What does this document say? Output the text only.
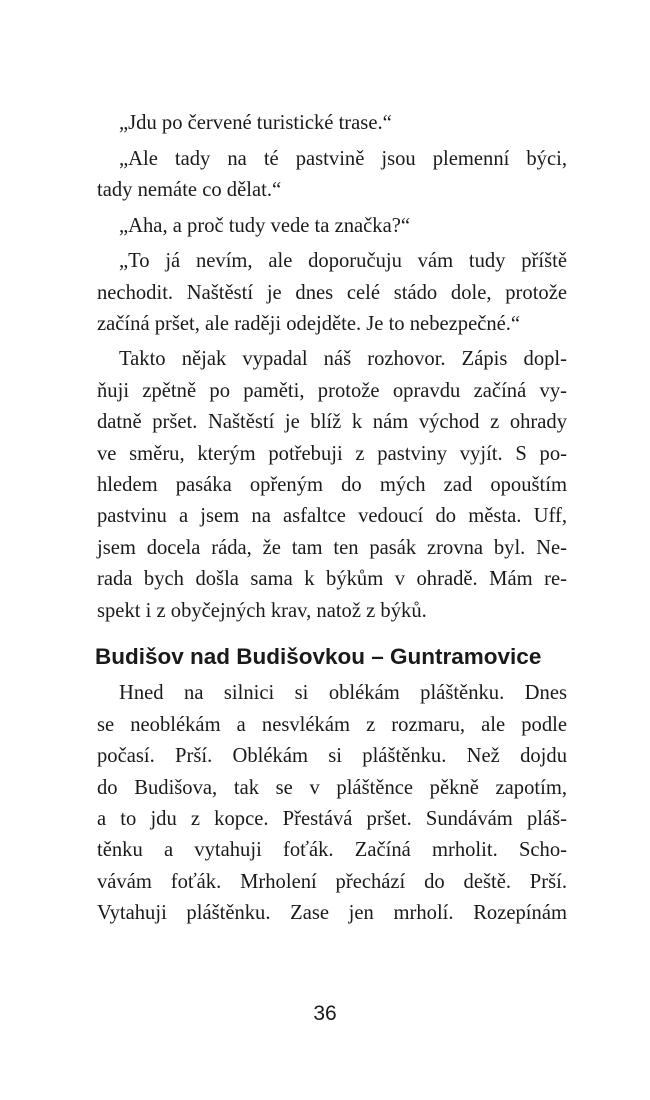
„Jdu po červené turistické trase.“
„Ale tady na té pastvině jsou plemenní býci,
tady nemáte co dělat.“
„Aha, a proč tudy vede ta značka?“
„To já nevím, ale doporučuju vám tudy příště
nechodit. Naštěstí je dnes celé stádo dole, protože
začíná pršet, ale raději odejděte. Je to nebezpečné.“
Takto nějak vypadal náš rozhovor. Zápis dopl-
ňuji zpětně po paměti, protože opravdu začíná vy-
datně pršet. Naštěstí je blíž k nám východ z ohrady
ve směru, kterým potřebuji z pastviny vyjít. S po-
hledem pasáka opřeným do mých zad opouštím
pastvinu a jsem na asfaltce vedoucí do města. Uff,
jsem docela ráda, že tam ten pasák zrovna byl. Ne-
rada bych došla sama k býkům v ohradě. Mám re-
spekt i z obyčejných krav, natož z býků.
Budišov nad Budišovkou – Guntramovice
Hned na silnici si oblékám pláštěnku. Dnes
se neoblékám a nesvlékám z rozmaru, ale podle
počasí. Prší. Oblékám si pláštěnku. Než dojdu
do Budišova, tak se v pláštěnce pěkně zapotím,
a to jdu z kopce. Přestává pršet. Sundávám pláš-
těnku a vytahuji foťák. Začíná mrholit. Scho-
vávám foťák. Mrholení přechází do deště. Prší.
Vytahuji pláštěnku. Zase jen mrholí. Rozepínám
36
